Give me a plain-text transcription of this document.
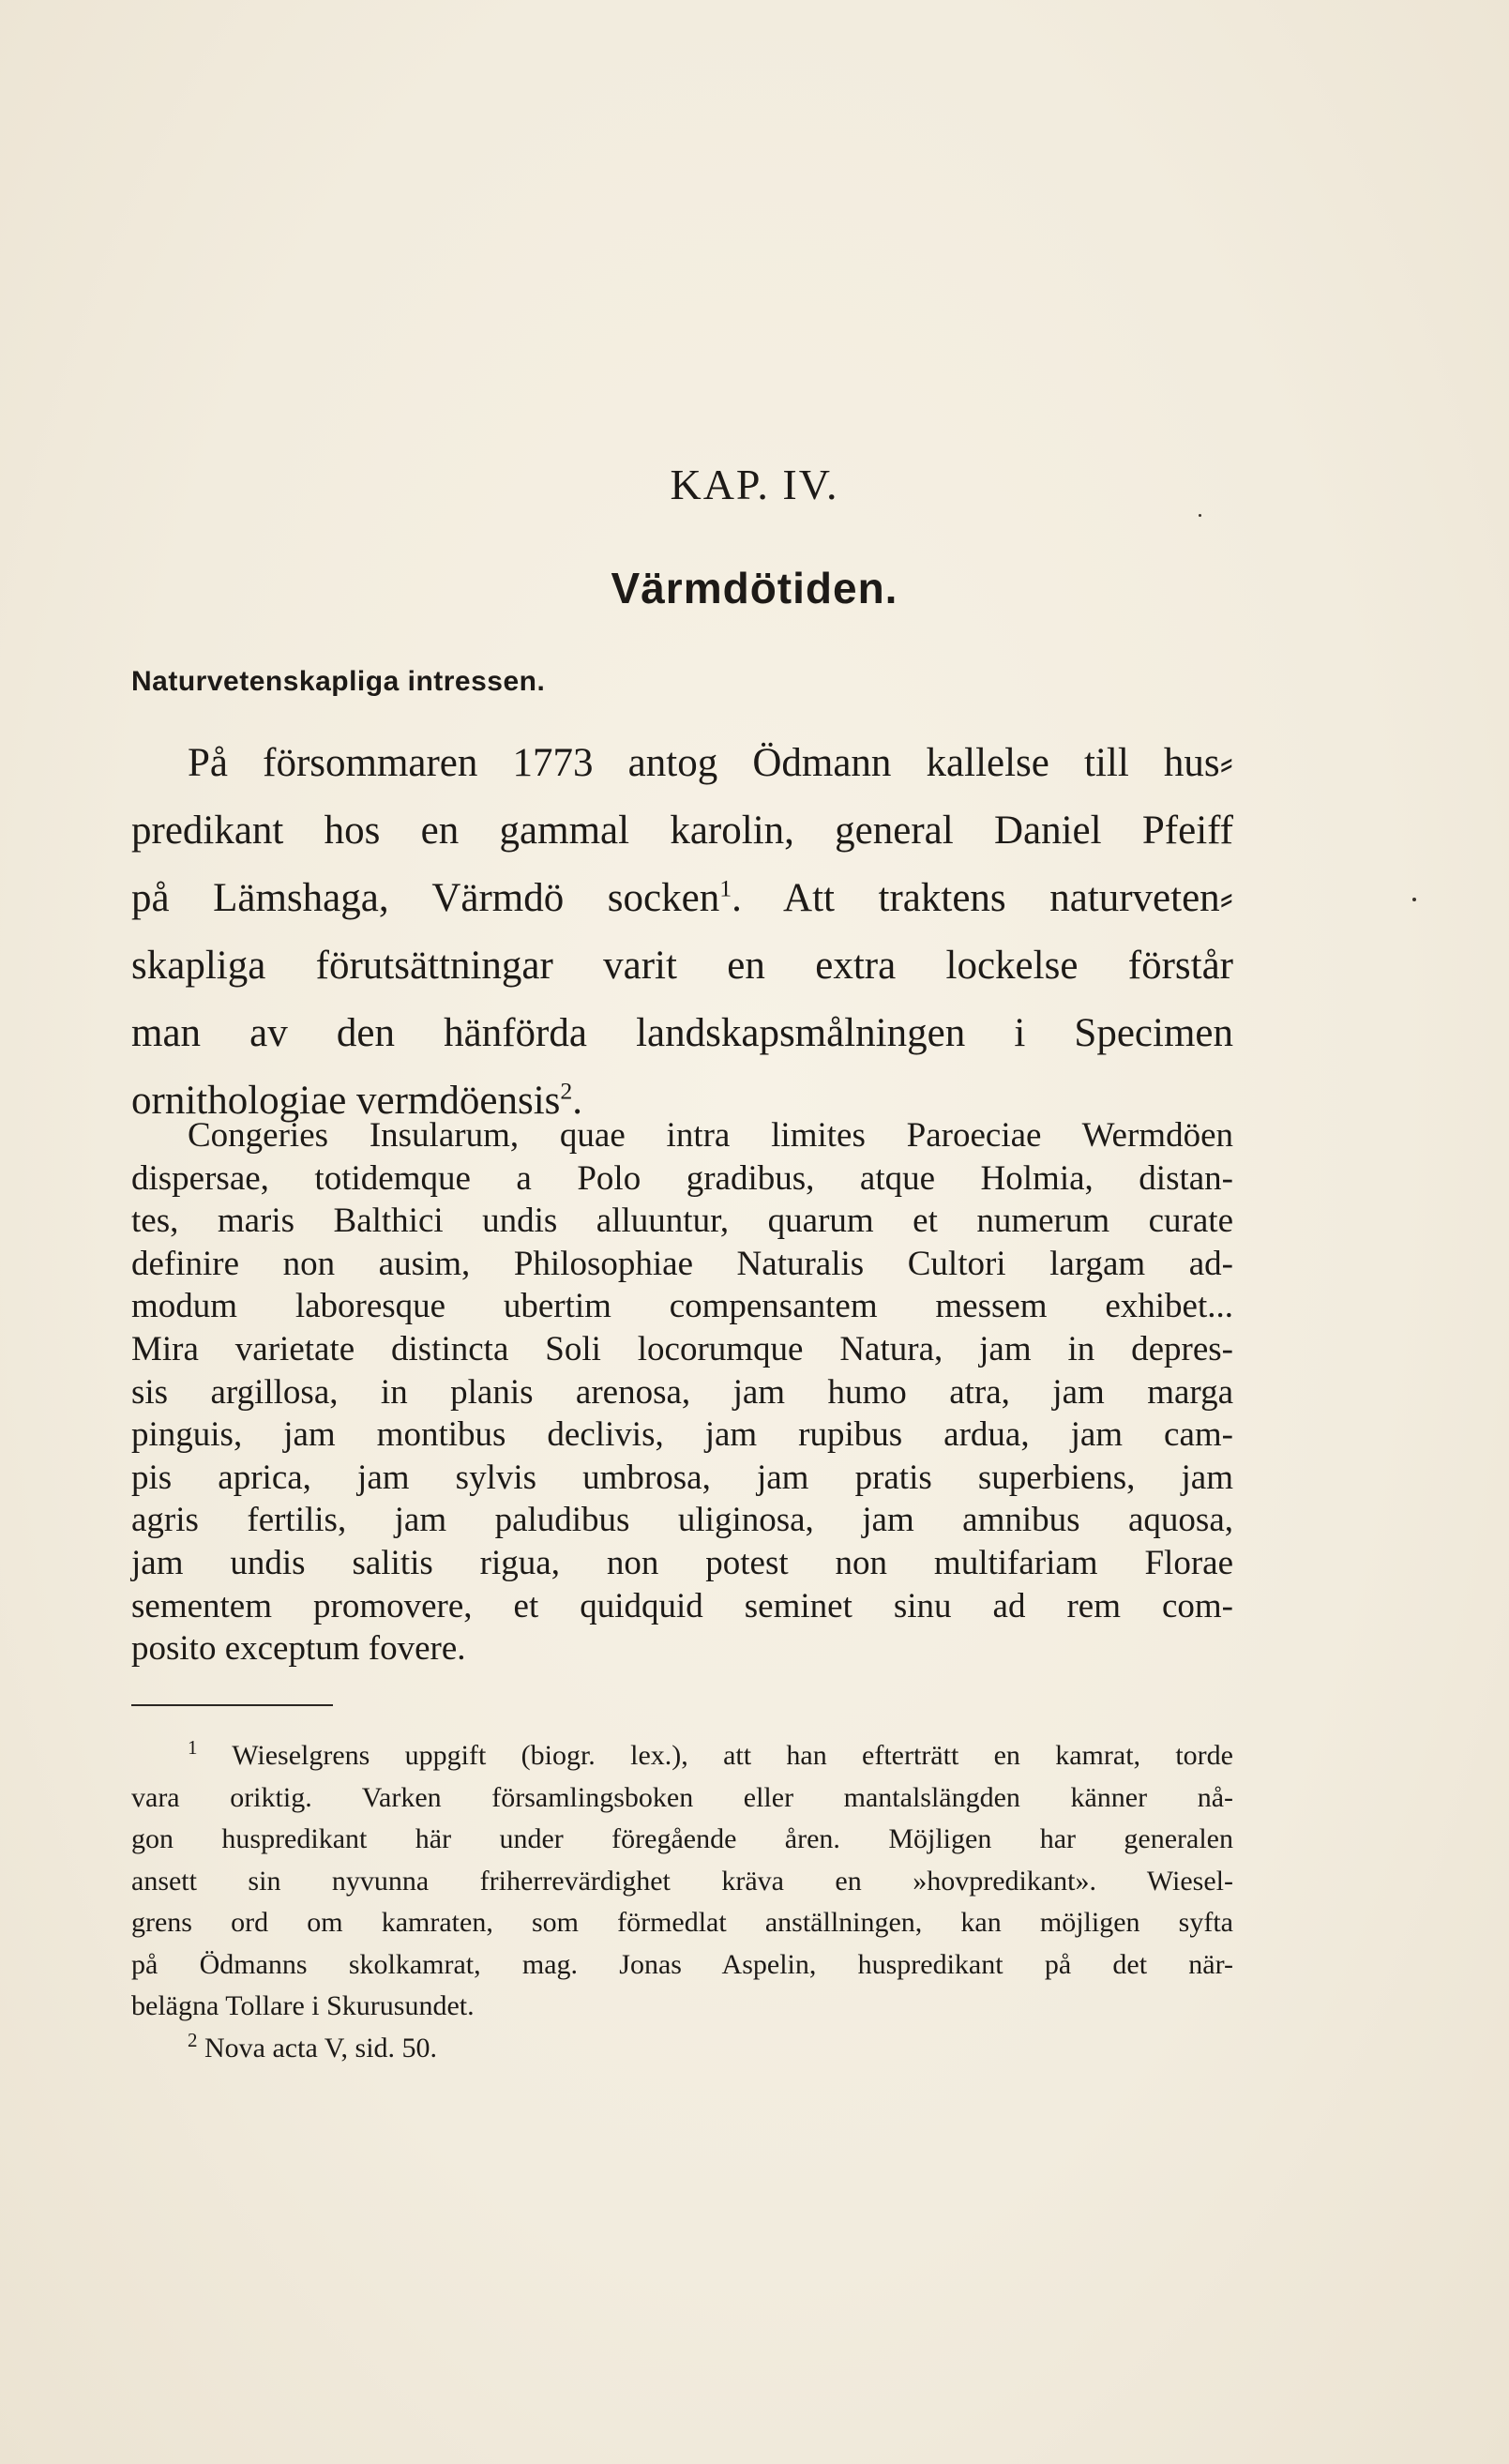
KAP. IV.
Värmdötiden.
Naturvetenskapliga intressen.
På försommaren 1773 antog Ödmann kallelse till hus⸗
predikant hos en gammal karolin, general Daniel Pfeiff
på Lämshaga, Värmdö socken$^1$. Att traktens naturveten⸗
skapliga förutsättningar varit en extra lockelse förstår
man av den hänförda landskapsmålningen i Specimen
ornithologiae vermdöensis$^2$.
Congeries Insularum, quae intra limites Paroeciae Wermdöen
dispersae, totidemque a Polo gradibus, atque Holmia, distan-
tes, maris Balthici undis alluuntur, quarum et numerum curate
definire non ausim, Philosophiae Naturalis Cultori largam ad-
modum laboresque ubertim compensantem messem exhibet...
Mira varietate distincta Soli locorumque Natura, jam in depres-
sis argillosa, in planis arenosa, jam humo atra, jam marga
pinguis, jam montibus declivis, jam rupibus ardua, jam cam-
pis aprica, jam sylvis umbrosa, jam pratis superbiens, jam
agris fertilis, jam paludibus uliginosa, jam amnibus aquosa,
jam undis salitis rigua, non potest non multifariam Florae
sementem promovere, et quidquid seminet sinu ad rem com-
posito exceptum fovere.
$^1$ Wieselgrens uppgift (biogr. lex.), att han efterträtt en kamrat, torde
vara oriktig. Varken församlingsboken eller mantalslängden känner nå-
gon huspredikant här under föregående åren. Möjligen har generalen
ansett sin nyvunna friherrevärdighet kräva en »hovpredikant». Wiesel-
grens ord om kamraten, som förmedlat anställningen, kan möjligen syfta
på Ödmanns skolkamrat, mag. Jonas Aspelin, huspredikant på det när-
belägna Tollare i Skurusundet.
$^2$ Nova acta V, sid. 50.
